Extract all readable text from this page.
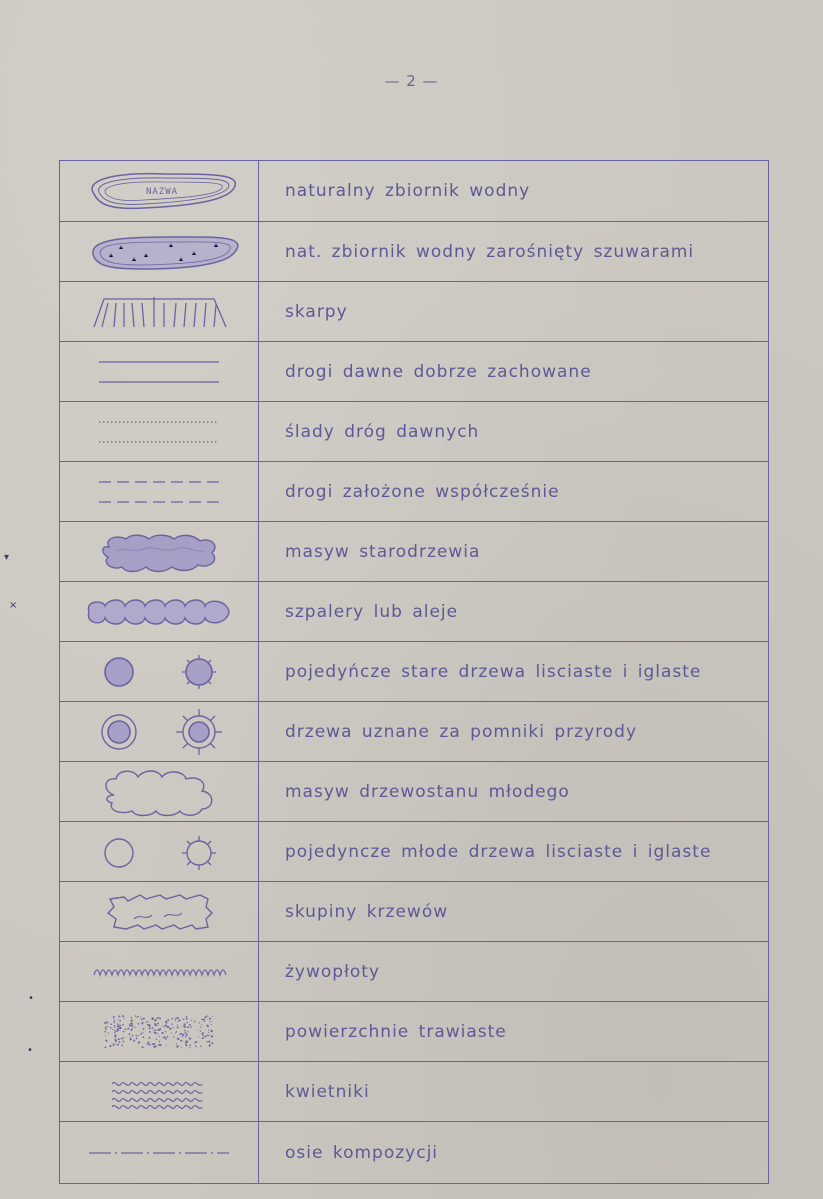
— 2 —
NAZWA	naturalny zbiornik wodny
nat. zbiornik wodny zarośnięty szuwarami
skarpy
drogi dawne dobrze zachowane
ślady dróg dawnych
drogi założone współcześnie
masyw starodrzewia
szpalery lub aleje
pojedyńcze stare drzewa lisciaste i iglaste
drzewa uznane za pomniki przyrody
masyw drzewostanu młodego
pojedyncze młode drzewa lisciaste i iglaste
skupiny krzewów
żywopłoty
powierzchnie trawiaste
kwietniki
osie kompozycji
▾
×
•
•
